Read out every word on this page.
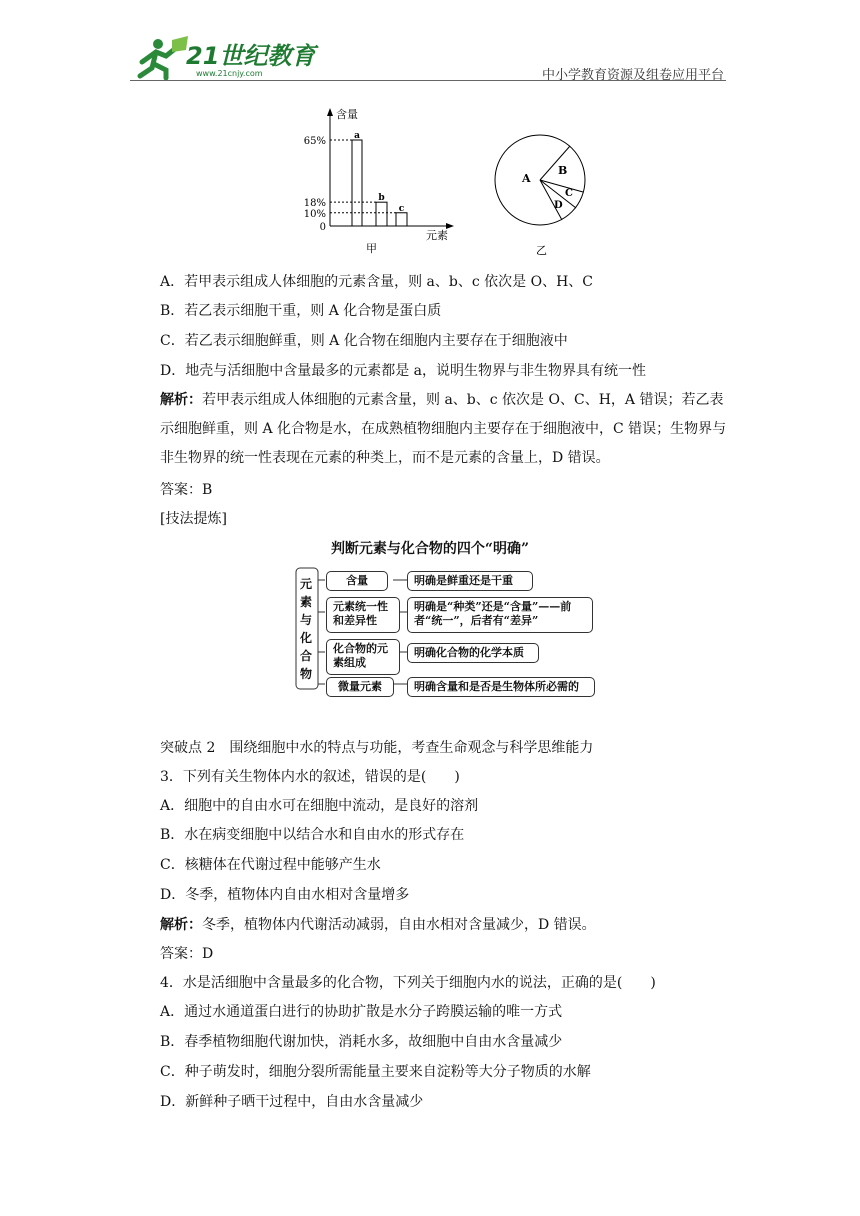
21世纪教育
www.21cnjy.com	中小学教育资源及组卷应用平台
含量
元素
65%
18%
10%
0
a
b
c
甲
A
B
C
D
乙
A．若甲表示组成人体细胞的元素含量，则 a、b、c 依次是 O、H、C
B．若乙表示细胞干重，则 A 化合物是蛋白质
C．若乙表示细胞鲜重，则 A 化合物在细胞内主要存在于细胞液中
D．地壳与活细胞中含量最多的元素都是 a，说明生物界与非生物界具有统一性
解析：若甲表示组成人体细胞的元素含量，则 a、b、c 依次是 O、C、H，A 错误；若乙表示细胞鲜重，则 A 化合物是水，在成熟植物细胞内主要存在于细胞液中，C 错误；生物界与非生物界的统一性表现在元素的种类上，而不是元素的含量上，D 错误。
答案：B
[技法提炼]
判断元素与化合物的四个“明确”
元素与化合物
含量
元素统一性和差异性
化合物的元素组成
微量元素
明确是鲜重还是干重
明确是“种类”还是“含量”——前者“统一”，后者有“差异”
明确化合物的化学本质
明确含量和是否是生物体所必需的
突破点 2　围绕细胞中水的特点与功能，考查生命观念与科学思维能力
3．下列有关生物体内水的叙述，错误的是(　　)
A．细胞中的自由水可在细胞中流动，是良好的溶剂
B．水在病变细胞中以结合水和自由水的形式存在
C．核糖体在代谢过程中能够产生水
D．冬季，植物体内自由水相对含量增多
解析：冬季，植物体内代谢活动减弱，自由水相对含量减少，D 错误。
答案：D
4．水是活细胞中含量最多的化合物，下列关于细胞内水的说法，正确的是(　　)
A．通过水通道蛋白进行的协助扩散是水分子跨膜运输的唯一方式
B．春季植物细胞代谢加快，消耗水多，故细胞中自由水含量减少
C．种子萌发时，细胞分裂所需能量主要来自淀粉等大分子物质的水解
D．新鲜种子晒干过程中，自由水含量减少
